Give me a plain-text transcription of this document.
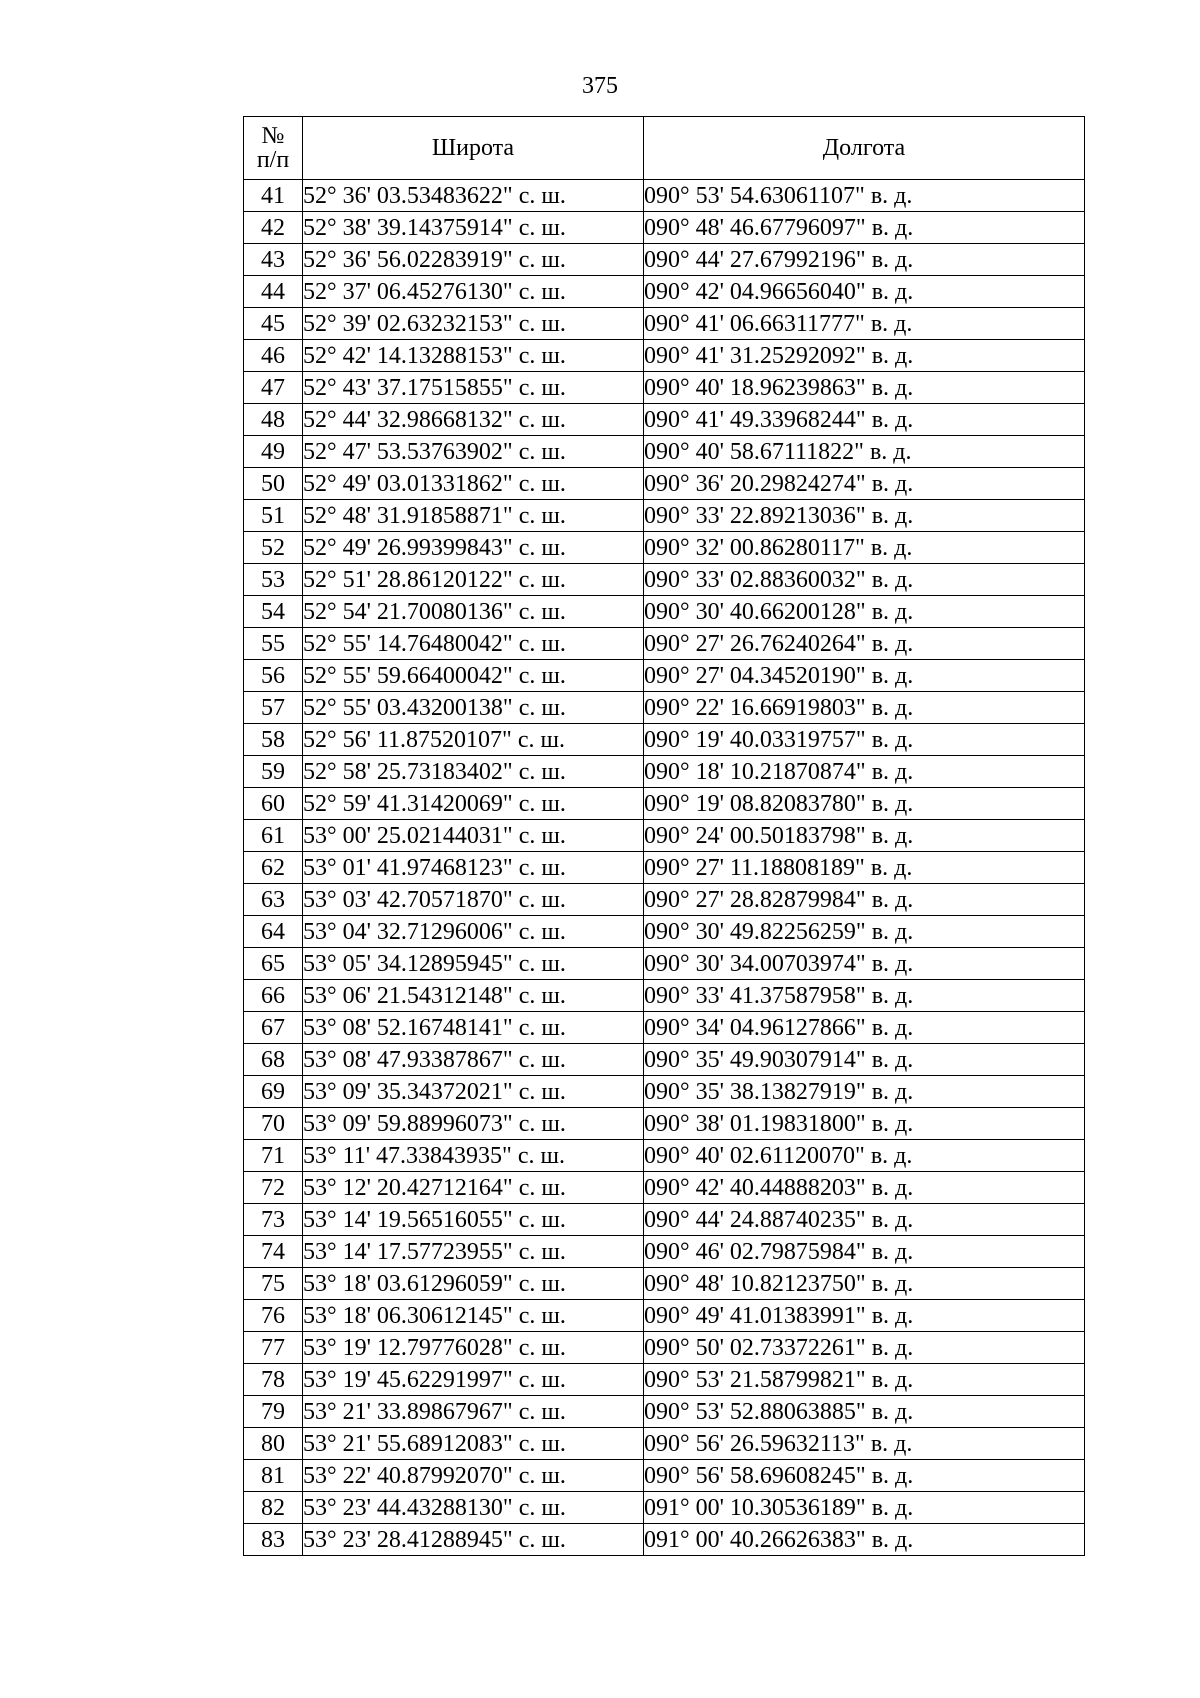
375
№
п/п	Широта	Долгота
41	52° 36' 03.53483622" с. ш.	090° 53' 54.63061107" в. д.
42	52° 38' 39.14375914" с. ш.	090° 48' 46.67796097" в. д.
43	52° 36' 56.02283919" с. ш.	090° 44' 27.67992196" в. д.
44	52° 37' 06.45276130" с. ш.	090° 42' 04.96656040" в. д.
45	52° 39' 02.63232153" с. ш.	090° 41' 06.66311777" в. д.
46	52° 42' 14.13288153" с. ш.	090° 41' 31.25292092" в. д.
47	52° 43' 37.17515855" с. ш.	090° 40' 18.96239863" в. д.
48	52° 44' 32.98668132" с. ш.	090° 41' 49.33968244" в. д.
49	52° 47' 53.53763902" с. ш.	090° 40' 58.67111822" в. д.
50	52° 49' 03.01331862" с. ш.	090° 36' 20.29824274" в. д.
51	52° 48' 31.91858871" с. ш.	090° 33' 22.89213036" в. д.
52	52° 49' 26.99399843" с. ш.	090° 32' 00.86280117" в. д.
53	52° 51' 28.86120122" с. ш.	090° 33' 02.88360032" в. д.
54	52° 54' 21.70080136" с. ш.	090° 30' 40.66200128" в. д.
55	52° 55' 14.76480042" с. ш.	090° 27' 26.76240264" в. д.
56	52° 55' 59.66400042" с. ш.	090° 27' 04.34520190" в. д.
57	52° 55' 03.43200138" с. ш.	090° 22' 16.66919803" в. д.
58	52° 56' 11.87520107" с. ш.	090° 19' 40.03319757" в. д.
59	52° 58' 25.73183402" с. ш.	090° 18' 10.21870874" в. д.
60	52° 59' 41.31420069" с. ш.	090° 19' 08.82083780" в. д.
61	53° 00' 25.02144031" с. ш.	090° 24' 00.50183798" в. д.
62	53° 01' 41.97468123" с. ш.	090° 27' 11.18808189" в. д.
63	53° 03' 42.70571870" с. ш.	090° 27' 28.82879984" в. д.
64	53° 04' 32.71296006" с. ш.	090° 30' 49.82256259" в. д.
65	53° 05' 34.12895945" с. ш.	090° 30' 34.00703974" в. д.
66	53° 06' 21.54312148" с. ш.	090° 33' 41.37587958" в. д.
67	53° 08' 52.16748141" с. ш.	090° 34' 04.96127866" в. д.
68	53° 08' 47.93387867" с. ш.	090° 35' 49.90307914" в. д.
69	53° 09' 35.34372021" с. ш.	090° 35' 38.13827919" в. д.
70	53° 09' 59.88996073" с. ш.	090° 38' 01.19831800" в. д.
71	53° 11' 47.33843935" с. ш.	090° 40' 02.61120070" в. д.
72	53° 12' 20.42712164" с. ш.	090° 42' 40.44888203" в. д.
73	53° 14' 19.56516055" с. ш.	090° 44' 24.88740235" в. д.
74	53° 14' 17.57723955" с. ш.	090° 46' 02.79875984" в. д.
75	53° 18' 03.61296059" с. ш.	090° 48' 10.82123750" в. д.
76	53° 18' 06.30612145" с. ш.	090° 49' 41.01383991" в. д.
77	53° 19' 12.79776028" с. ш.	090° 50' 02.73372261" в. д.
78	53° 19' 45.62291997" с. ш.	090° 53' 21.58799821" в. д.
79	53° 21' 33.89867967" с. ш.	090° 53' 52.88063885" в. д.
80	53° 21' 55.68912083" с. ш.	090° 56' 26.59632113" в. д.
81	53° 22' 40.87992070" с. ш.	090° 56' 58.69608245" в. д.
82	53° 23' 44.43288130" с. ш.	091° 00' 10.30536189" в. д.
83	53° 23' 28.41288945" с. ш.	091° 00' 40.26626383" в. д.
